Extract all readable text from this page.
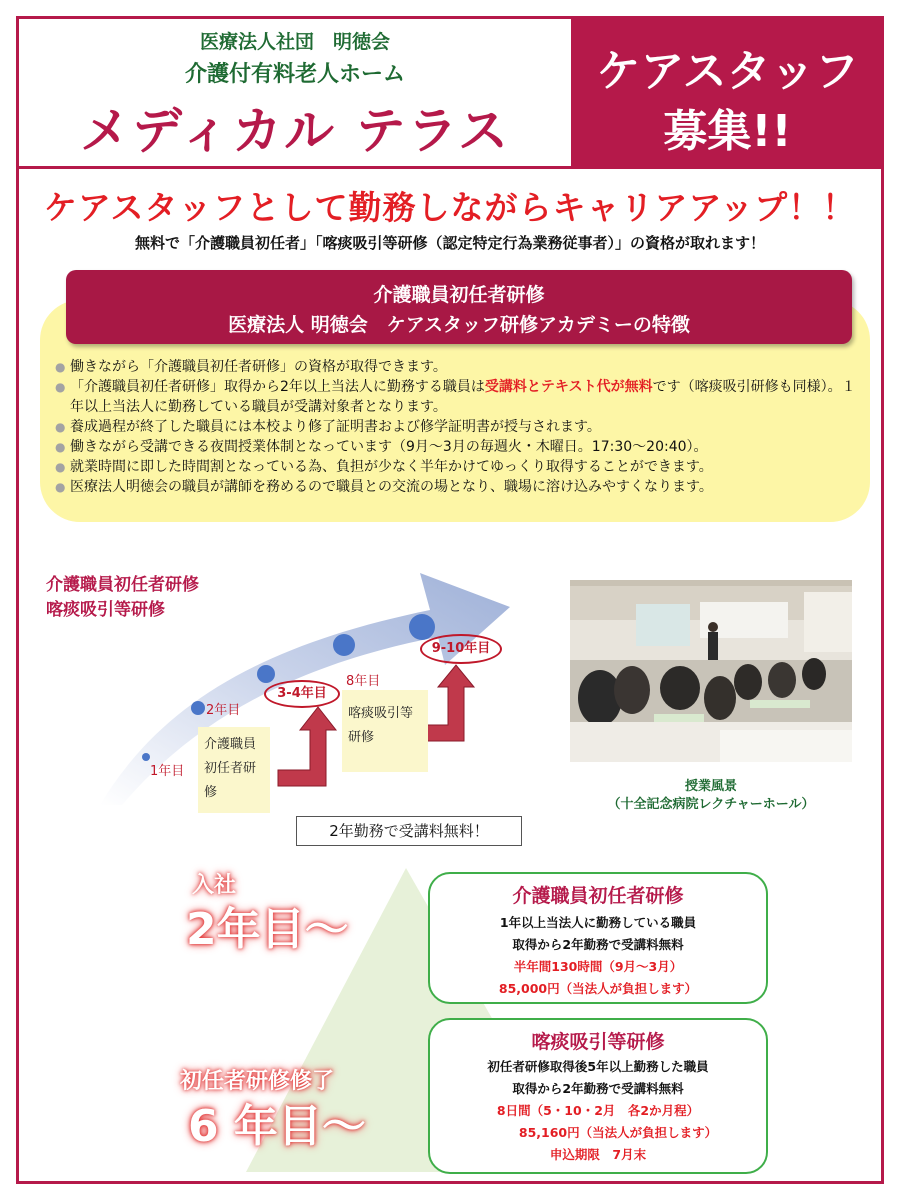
医療法人社団　明徳会
介護付有料老人ホーム
メディカル テラス
ケアスタッフ
募集!!
ケアスタッフとして勤務しながらキャリアアップ！！
無料で「介護職員初任者」「喀痰吸引等研修（認定特定行為業務従事者）」の資格が取れます！
介護職員初任者研修
医療法人 明徳会　ケアスタッフ研修アカデミーの特徴
● 働きながら「介護職員初任者研修」の資格が取得できます。
● 「介護職員初任者研修」取得から2年以上当法人に勤務する職員は受講料とテキスト代が無料です（喀痰吸引研修も同様）。１年以上当法人に勤務している職員が受講対象者となります。
● 養成過程が終了した職員には本校より修了証明書および修学証明書が授与されます。
● 働きながら受講できる夜間授業体制となっています（9月～3月の毎週火・木曜日。17:30～20:40）。
● 就業時間に即した時間割となっている為、負担が少なく半年かけてゆっくり取得することができます。
● 医療法人明徳会の職員が講師を務めるので職員との交流の場となり、職場に溶け込みやすくなります。
介護職員初任者研修
喀痰吸引等研修
1年目
2年目
3-4年目
8年目
9-10年目
介護職員
初任者研
修
喀痰吸引等
研修
2年勤務で受講料無料！
授業風景
（十全記念病院レクチャーホール）
入社
2年目～
初任者研修修了
6 年目～
介護職員初任者研修
1年以上当法人に勤務している職員
取得から2年勤務で受講料無料
半年間130時間（9月～3月）
85,000円（当法人が負担します）
喀痰吸引等研修
初任者研修取得後5年以上勤務した職員
取得から2年勤務で受講料無料
8日間（5・10・2月　各2か月程）
85,160円（当法人が負担します）
申込期限　7月末
